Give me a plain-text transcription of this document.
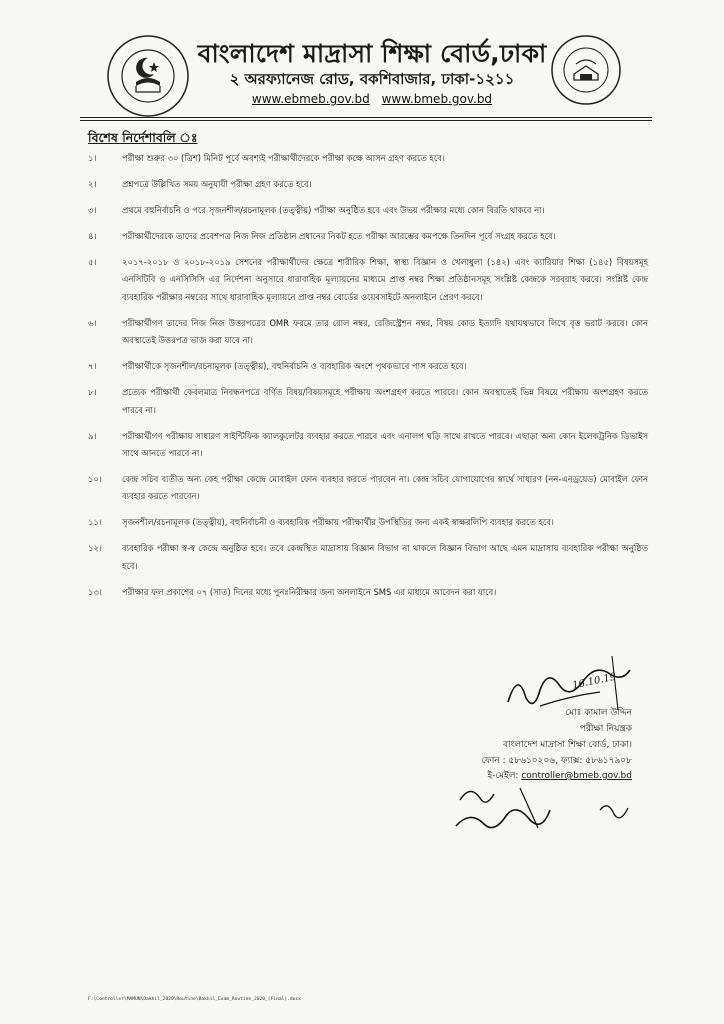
বাংলাদেশ মাদ্রাসা শিক্ষা বোর্ড,ঢাকা
২ অরফ্যানেজ রোড, বকশিবাজার, ঢাকা-১২১১
www.ebmeb.gov.bd www.bmeb.gov.bd
বিশেষ নির্দেশাবলি ঃ
১।	পরীক্ষা শুরুর ৩০ (ত্রিশ) মিনিট পূর্বে অবশ্যই পরীক্ষার্থীদেরকে পরীক্ষা কক্ষে আসন গ্রহণ করতে হবে।
২।	প্রশ্নপত্রে উল্লিখিত সময় অনুযায়ী পরীক্ষা গ্রহণ করতে হবে।
৩।	প্রথমে বহুনির্বাচনি ও পরে সৃজনশীল/রচনামূলক (তত্ত্বীয়) পরীক্ষা অনুষ্ঠিত হবে এবং উভয় পরীক্ষার মধ্যে কোন বিরতি থাকবে না।
৪।	পরীক্ষার্থীদেরকে তাদের প্রবেশপত্র নিজ নিজ প্রতিষ্ঠান প্রধানের নিকট হতে পরীক্ষা আরম্ভের কমপক্ষে তিনদিন পূর্বে সংগ্রহ করতে হবে।
৫।	২০১৭-২০১৮ ও ২০১৮-২০১৯ সেশনের পরীক্ষার্থীদের ক্ষেত্রে শারীরিক শিক্ষা, স্বাস্থ্য বিজ্ঞান ও খেলাধুলা (১৪২) এবং ক্যারিয়ার শিক্ষা (১৪৫) বিষয়সমূহ এনসিটিবি ও এনসিসিসি এর নির্দেশনা অনুসারে ধারাবাহিক মূল্যায়নের মাধ্যমে প্রাপ্ত নম্বর শিক্ষা প্রতিষ্ঠানসমূহ সংশ্লিষ্ট কেন্দ্রকে সরবরাহ করবে। সংশ্লিষ্ট কেন্দ্র ব্যবহারিক পরীক্ষার নম্বরের সাথে ধারাবাহিক মূল্যায়নে প্রাপ্ত নম্বর বোর্ডের ওয়েবসাইটে অনলাইনে প্রেরণ করবে।
৬।	পরীক্ষার্থীগণ তাদের নিজ নিজ উত্তরপত্রের OMR ফরমে তার রোল নম্বর, রেজিস্ট্রেশন নম্বর, বিষয় কোড ইত্যাদি যথাযথভাবে লিখে বৃত্ত ভরাট করবে। কোন অবস্থাতেই উত্তরপত্র ভাজ করা যাবে না।
৭।	পরীক্ষার্থীকে সৃজনশীল/রচনামূলক (তত্ত্বীয়), বহুনির্বাচনি ও ব্যবহারিক অংশে পৃথকভাবে পাস করতে হবে।
৮।	প্রত্যেক পরীক্ষার্থী কেবলমাত্র নিবন্ধনপত্রে বর্ণিত বিষয়/বিষয়সমূহে পরীক্ষায় অংশগ্রহণ করতে পারবে। কোন অবস্থাতেই ভিন্ন বিষয়ে পরীক্ষায় অংশগ্রহণ করতে পারবে না।
৯।	পরীক্ষার্থীগণ পরীক্ষায় সাধারণ সাইন্টিফিক ক্যালকুলেটর ব্যবহার করতে পারবে এবং এনালগ ঘড়ি সাথে রাখতে পারবে। এছাড়া অন্য কোন ইলেকট্রনিক ডিভাইস সাথে আনতে পারবে না।
১০।	কেন্দ্র সচিব ব্যতীত অন্য কেহ পরীক্ষা কেন্দ্রে মোবাইল ফোন ব্যবহার করতে পারবেন না। কেন্দ্র সচিব যোগাযোগের স্বার্থে সাধারণ (নন-এনড্রয়েড) মোবাইল ফোন ব্যবহার করতে পারবেন।
১১।	সৃজনশীল/রচনামূলক (তত্ত্বীয়), বহুনির্বাচনী ও ব্যবহারিক পরীক্ষায় পরীক্ষার্থীর উপস্থিতির জন্য একই স্বাক্ষরলিপি ব্যবহার করতে হবে।
১২।	ব্যবহারিক পরীক্ষা স্ব-স্ব কেন্দ্রে অনুষ্ঠিত হবে। তবে কেন্দ্রস্থিত মাদ্রাসায় বিজ্ঞান বিভাগ না থাকলে বিজ্ঞান বিভাগ আছে এমন মাদ্রাসায় ব্যবহারিক পরীক্ষা অনুষ্ঠিত হবে।
১৩।	পরীক্ষার ফল প্রকাশের ০৭ (সাত) দিনের মধ্যে পুনঃনিরীক্ষার জন্য অনলাইনে SMS এর মাধ্যমে আবেদন করা যাবে।
16.10.19
মোঃ কামাল উদ্দিন
পরীক্ষা নিয়ন্ত্রক
বাংলাদেশ মাদ্রাসা শিক্ষা বোর্ড, ঢাকা।
ফোন : ৫৮৬১০২০৬, ফ্যাক্স: ৫৮৬১৭৯০৮
ই-মেইল: controller@bmeb.gov.bd
F:\Controller\MAMUN\Dakhil_2020\Routine\Dakhil_Exam_Routine_2020_(Final).docx
